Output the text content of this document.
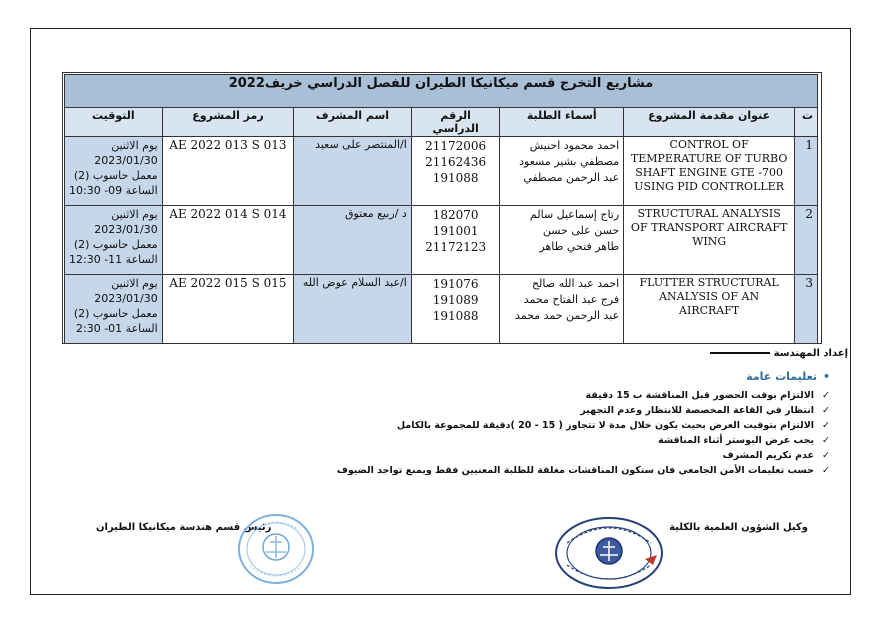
مشاريع التخرج قسم ميكانيكا الطيران للفصل الدراسي خريف2022						
ت	عنوان مقدمة المشروع	أسماء الطلبة	الرقم الدراسي	اسم المشرف	رمز المشروع	التوقيت
1	CONTROL OF
TEMPERATURE OF TURBO
SHAFT ENGINE GTE -700
USING PID CONTROLLER	احمد محمود احنيش
مصطفي بشير مسعود
عبد الرحمن مصطفي	21172006
21162436
191088	ا/المنتصر على سعيد	AE 2022 013 S 013	يوم الاثنين
2023/01/30
معمل حاسوب (2)
الساعة 09- 10:30

2	STRUCTURAL ANALYSIS
OF TRANSPORT AIRCRAFT
WING	رتاج إسماعيل سالم
حسن على حسن
طاهر فتحي طاهر	182070
191001
21172123	د /ربيع معتوق	AE 2022 014 S 014	يوم الاثنين
2023/01/30
معمل حاسوب (2)
الساعة 11- 12:30

3	FLUTTER STRUCTURAL
ANALYSIS OF AN
AIRCRAFT	احمد عبد الله صالح
فرج عبد الفتاح محمد
عبد الرحمن حمد محمد	191076
191089
191088	ا/عبد السلام عوض الله	AE 2022 015 S 015	يوم الاثنين
2023/01/30
معمل حاسوب (2)
الساعة 01- 2:30
إعداد المهندسة
•تعليمات عامة
✓الالتزام بوقت الحضور قبل المناقشة ب 15 دقيقة
✓انتظار في القاعة المخصصة للانتظار وعدم التجهير
✓الالتزام بتوقيت العرض بحيث يكون خلال مدة لا تتجاوز ( 15 - 20 )دقيقة للمجموعة بالكامل
✓يجب عرض البوستر أثناء المناقشة
✓عدم تكريم المشرف
✓حسب تعليمات الأمن الجامعي فان ستكون المناقشات مغلقة للطلبة المعنيين فقط ويمنع تواجد الضيوف
رئيس قسم هندسة ميكانيكا الطيران	وكيل الشؤون العلمية بالكلية
